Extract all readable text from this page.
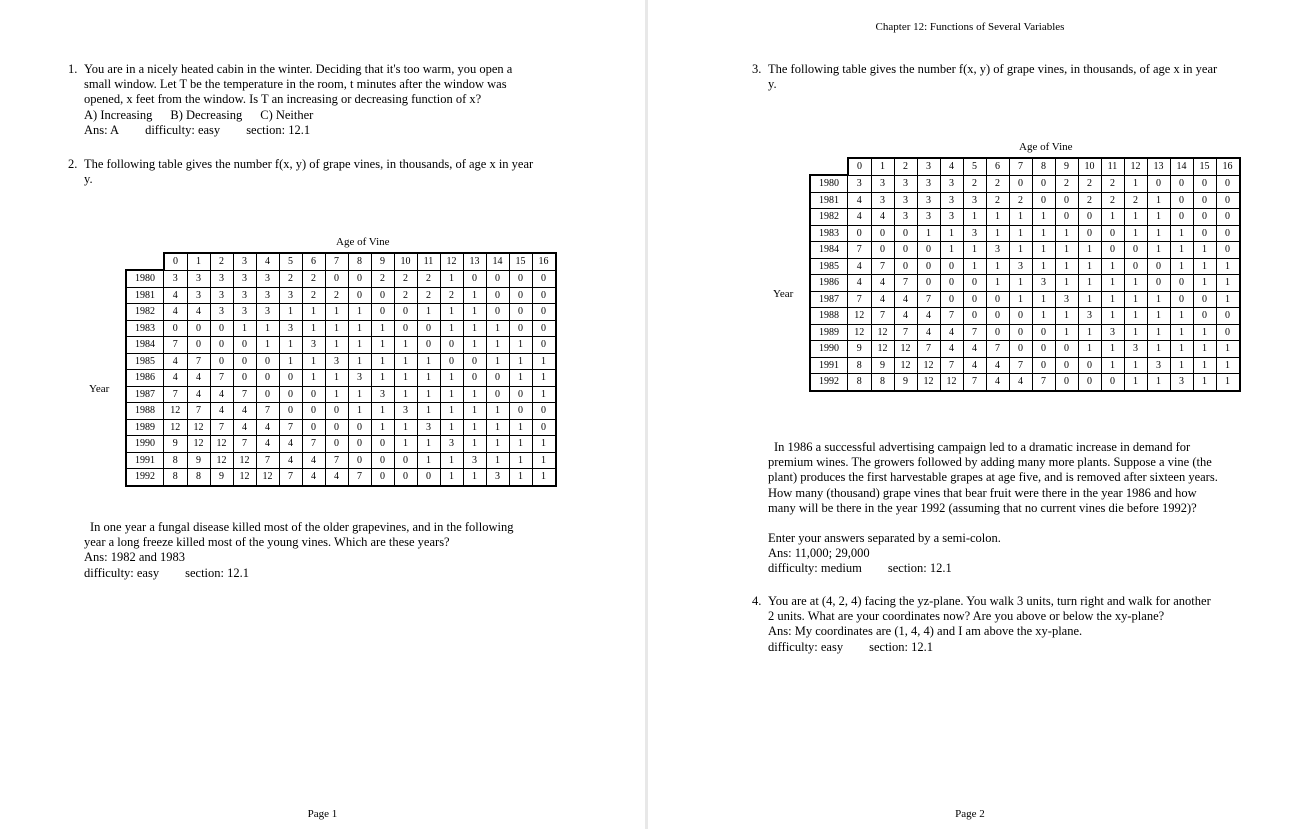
1. You are in a nicely heated cabin in the winter. Deciding that it's too warm, you open a

small window. Let T be the temperature in the room, t minutes after the window was

opened, x feet from the window. Is T an increasing or decreasing function of x?

A) Increasing B) Decreasing C) Neither

Ans: A difficulty: easy section: 12.1

2. The following table gives the number f(x, y) of grape vines, in thousands, of age x in year

y.

Age of Vine
Year
	0	1	2	3	4	5	6	7	8	9	10	11	12	13	14	15	16
1980	3	3	3	3	3	2	2	0	0	2	2	2	1	0	0	0	0
1981	4	3	3	3	3	3	2	2	0	0	2	2	2	1	0	0	0
1982	4	4	3	3	3	1	1	1	1	0	0	1	1	1	0	0	0
1983	0	0	0	1	1	3	1	1	1	1	0	0	1	1	1	0	0
1984	7	0	0	0	1	1	3	1	1	1	1	0	0	1	1	1	0
1985	4	7	0	0	0	1	1	3	1	1	1	1	0	0	1	1	1
1986	4	4	7	0	0	0	1	1	3	1	1	1	1	0	0	1	1
1987	7	4	4	7	0	0	0	1	1	3	1	1	1	1	0	0	1
1988	12	7	4	4	7	0	0	0	1	1	3	1	1	1	1	0	0
1989	12	12	7	4	4	7	0	0	0	1	1	3	1	1	1	1	0
1990	9	12	12	7	4	4	7	0	0	0	1	1	3	1	1	1	1
1991	8	9	12	12	7	4	4	7	0	0	0	1	1	3	1	1	1
1992	8	8	9	12	12	7	4	4	7	0	0	0	1	1	3	1	1

In one year a fungal disease killed most of the older grapevines, and in the following

year a long freeze killed most of the young vines. Which are these years?

Ans: 1982 and 1983

difficulty: easy section: 12.1

Page 1
Chapter 12: Functions of Several Variables
3. The following table gives the number f(x, y) of grape vines, in thousands, of age x in year

y.

Age of Vine
Year
	0	1	2	3	4	5	6	7	8	9	10	11	12	13	14	15	16
1980	3	3	3	3	3	2	2	0	0	2	2	2	1	0	0	0	0
1981	4	3	3	3	3	3	2	2	0	0	2	2	2	1	0	0	0
1982	4	4	3	3	3	1	1	1	1	0	0	1	1	1	0	0	0
1983	0	0	0	1	1	3	1	1	1	1	0	0	1	1	1	0	0
1984	7	0	0	0	1	1	3	1	1	1	1	0	0	1	1	1	0
1985	4	7	0	0	0	1	1	3	1	1	1	1	0	0	1	1	1
1986	4	4	7	0	0	0	1	1	3	1	1	1	1	0	0	1	1
1987	7	4	4	7	0	0	0	1	1	3	1	1	1	1	0	0	1
1988	12	7	4	4	7	0	0	0	1	1	3	1	1	1	1	0	0
1989	12	12	7	4	4	7	0	0	0	1	1	3	1	1	1	1	0
1990	9	12	12	7	4	4	7	0	0	0	1	1	3	1	1	1	1
1991	8	9	12	12	7	4	4	7	0	0	0	1	1	3	1	1	1
1992	8	8	9	12	12	7	4	4	7	0	0	0	1	1	3	1	1

In 1986 a successful advertising campaign led to a dramatic increase in demand for

premium wines. The growers followed by adding many more plants. Suppose a vine (the

plant) produces the first harvestable grapes at age five, and is removed after sixteen years.

How many (thousand) grape vines that bear fruit were there in the year 1986 and how

many will be there in the year 1992 (assuming that no current vines die before 1992)?

Enter your answers separated by a semi-colon.

Ans: 11,000; 29,000

difficulty: medium section: 12.1

4. You are at (4, 2, 4) facing the yz-plane. You walk 3 units, turn right and walk for another

2 units. What are your coordinates now? Are you above or below the xy-plane?

Ans: My coordinates are (1, 4, 4) and I am above the xy-plane.

difficulty: easy section: 12.1

Page 2
